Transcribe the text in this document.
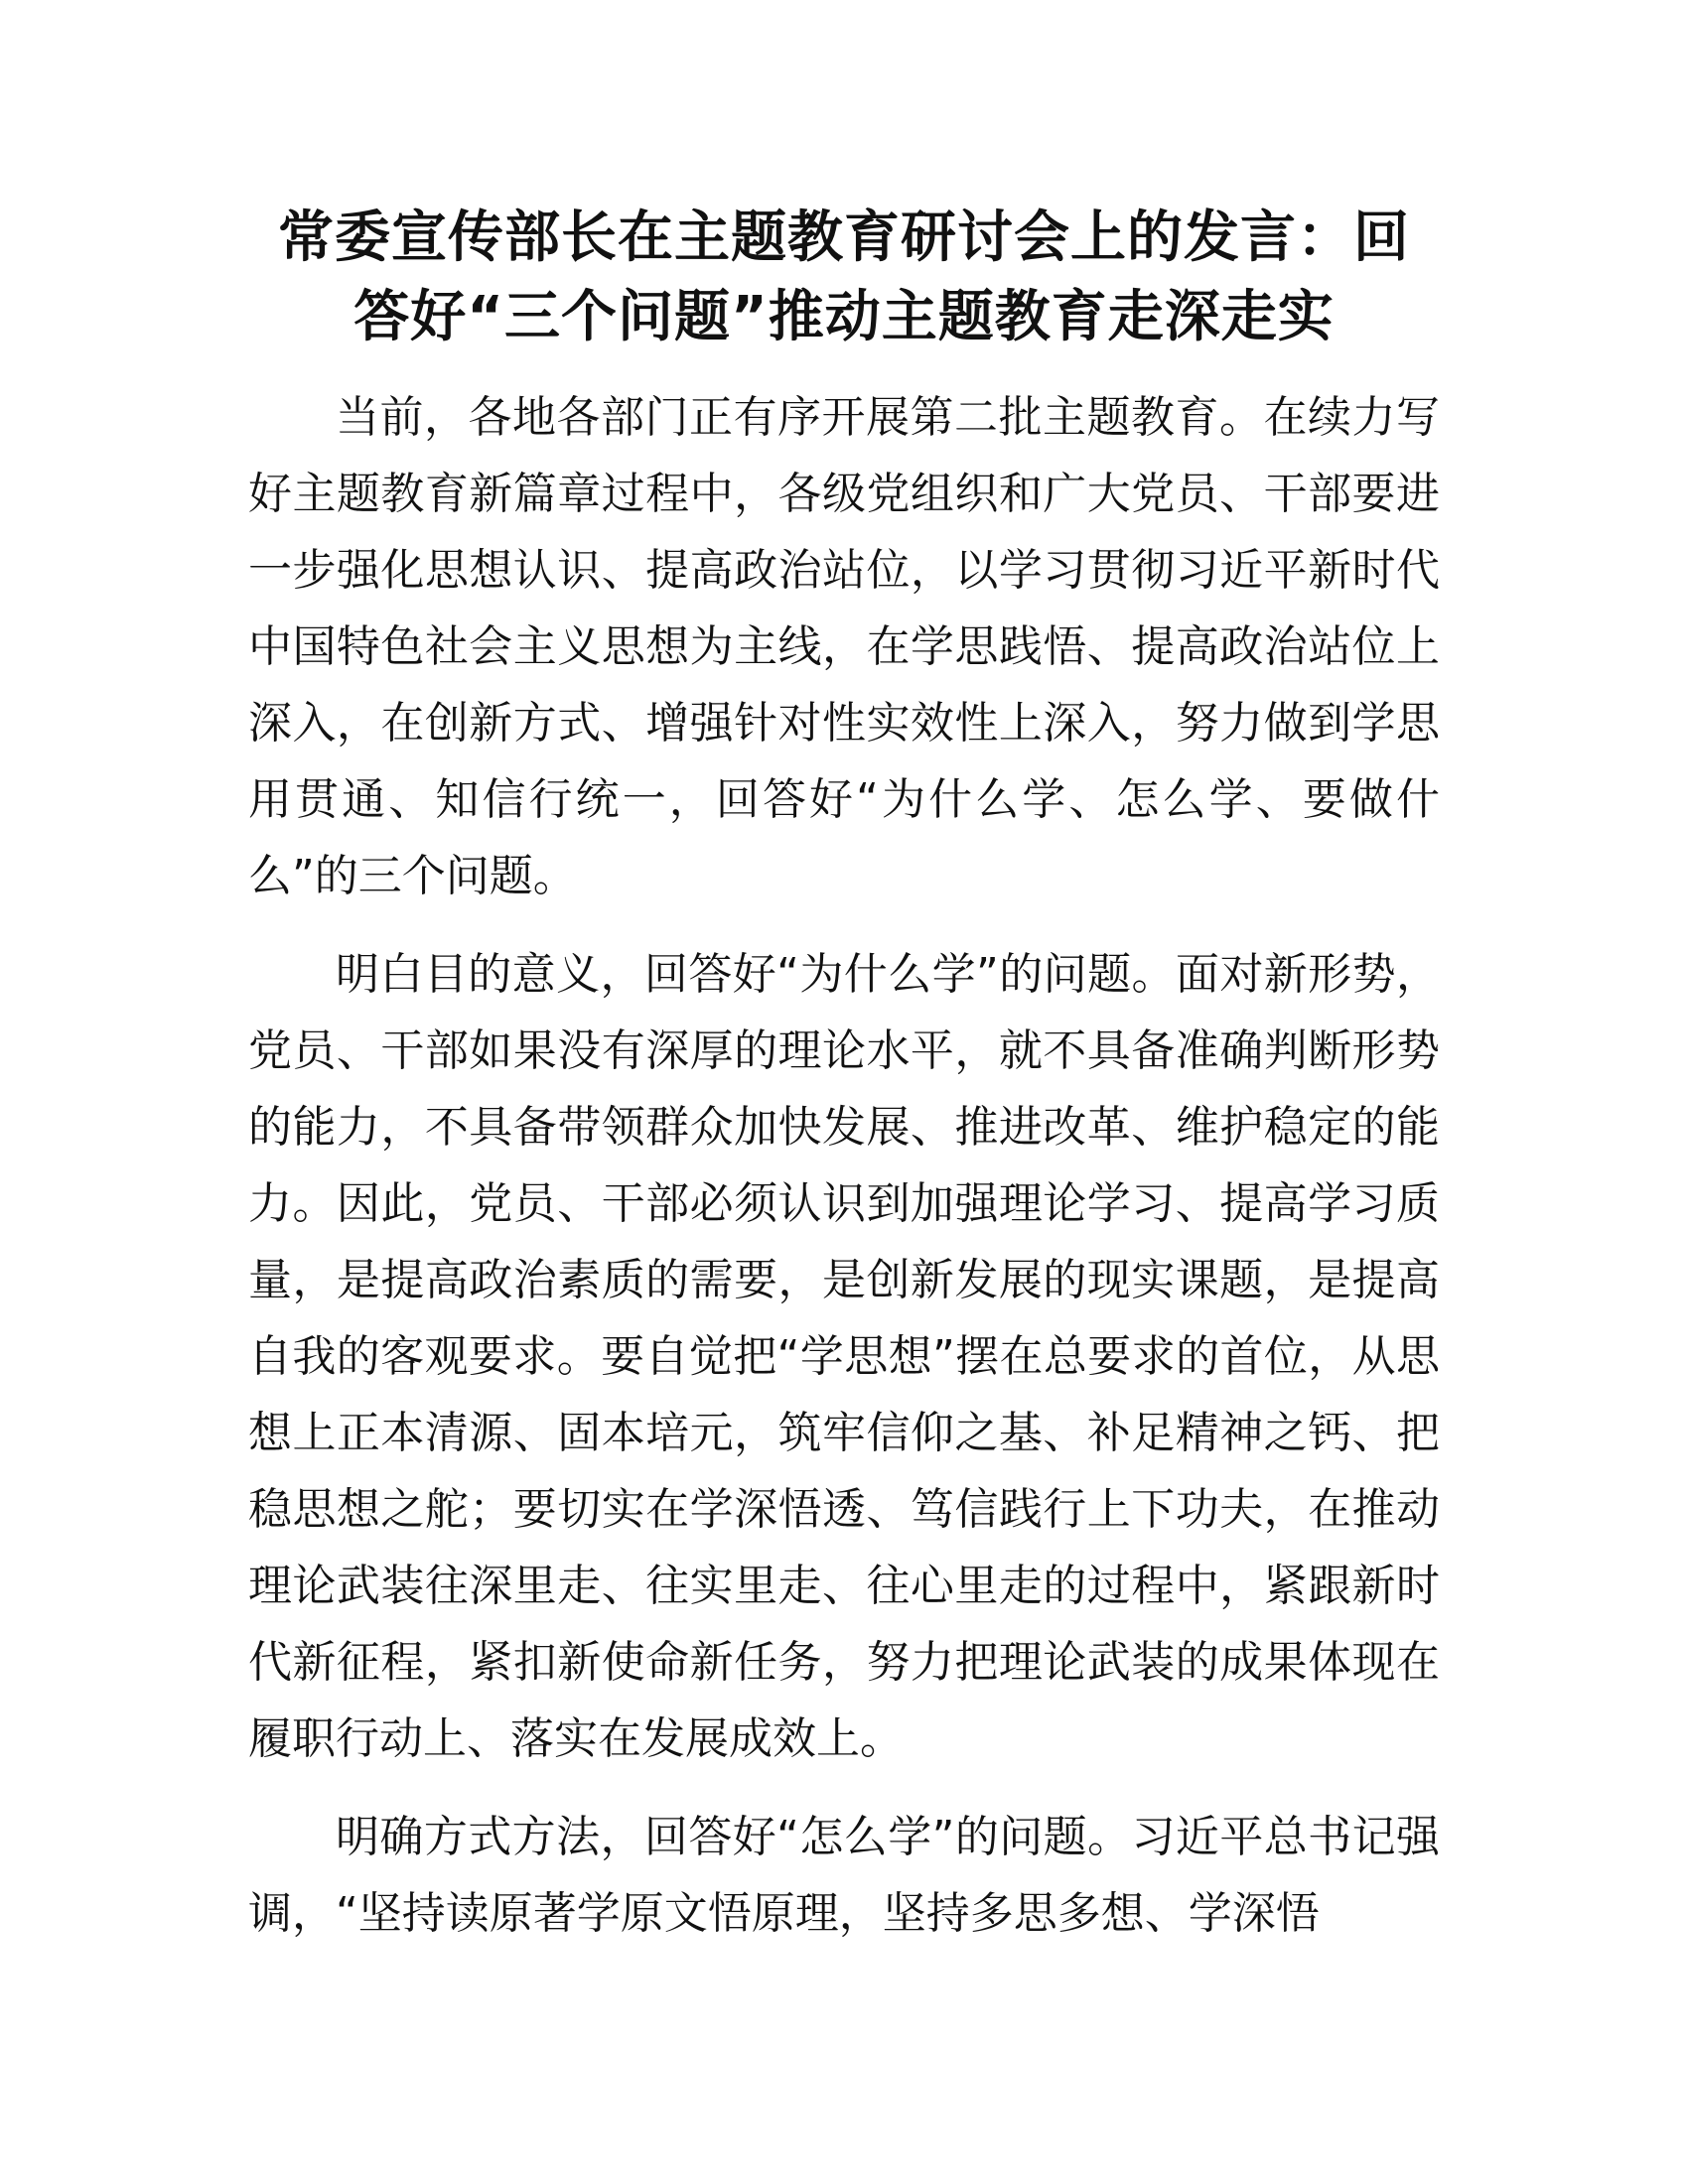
常委宣传部长在主题教育研讨会上的发言：回
答好“三个问题”推动主题教育走深走实

当前，各地各部门正有序开展第二批主题教育。在续力写好主题教育新篇章过程中，各级党组织和广大党员、干部要进一步强化思想认识、提高政治站位，以学习贯彻习近平新时代中国特色社会主义思想为主线，在学思践悟、提高政治站位上深入，在创新方式、增强针对性实效性上深入，努力做到学思用贯通、知信行统一，回答好“为什么学、怎么学、要做什么”的三个问题。

明白目的意义，回答好“为什么学”的问题。面对新形势，党员、干部如果没有深厚的理论水平，就不具备准确判断形势的能力，不具备带领群众加快发展、推进改革、维护稳定的能力。因此，党员、干部必须认识到加强理论学习、提高学习质量，是提高政治素质的需要，是创新发展的现实课题，是提高自我的客观要求。要自觉把“学思想”摆在总要求的首位，从思想上正本清源、固本培元，筑牢信仰之基、补足精神之钙、把稳思想之舵；要切实在学深悟透、笃信践行上下功夫，在推动理论武装往深里走、往实里走、往心里走的过程中，紧跟新时代新征程，紧扣新使命新任务，努力把理论武装的成果体现在履职行动上、落实在发展成效上。

明确方式方法，回答好“怎么学”的问题。习近平总书记强调，“坚持读原著学原文悟原理，坚持多思多想、学深悟
